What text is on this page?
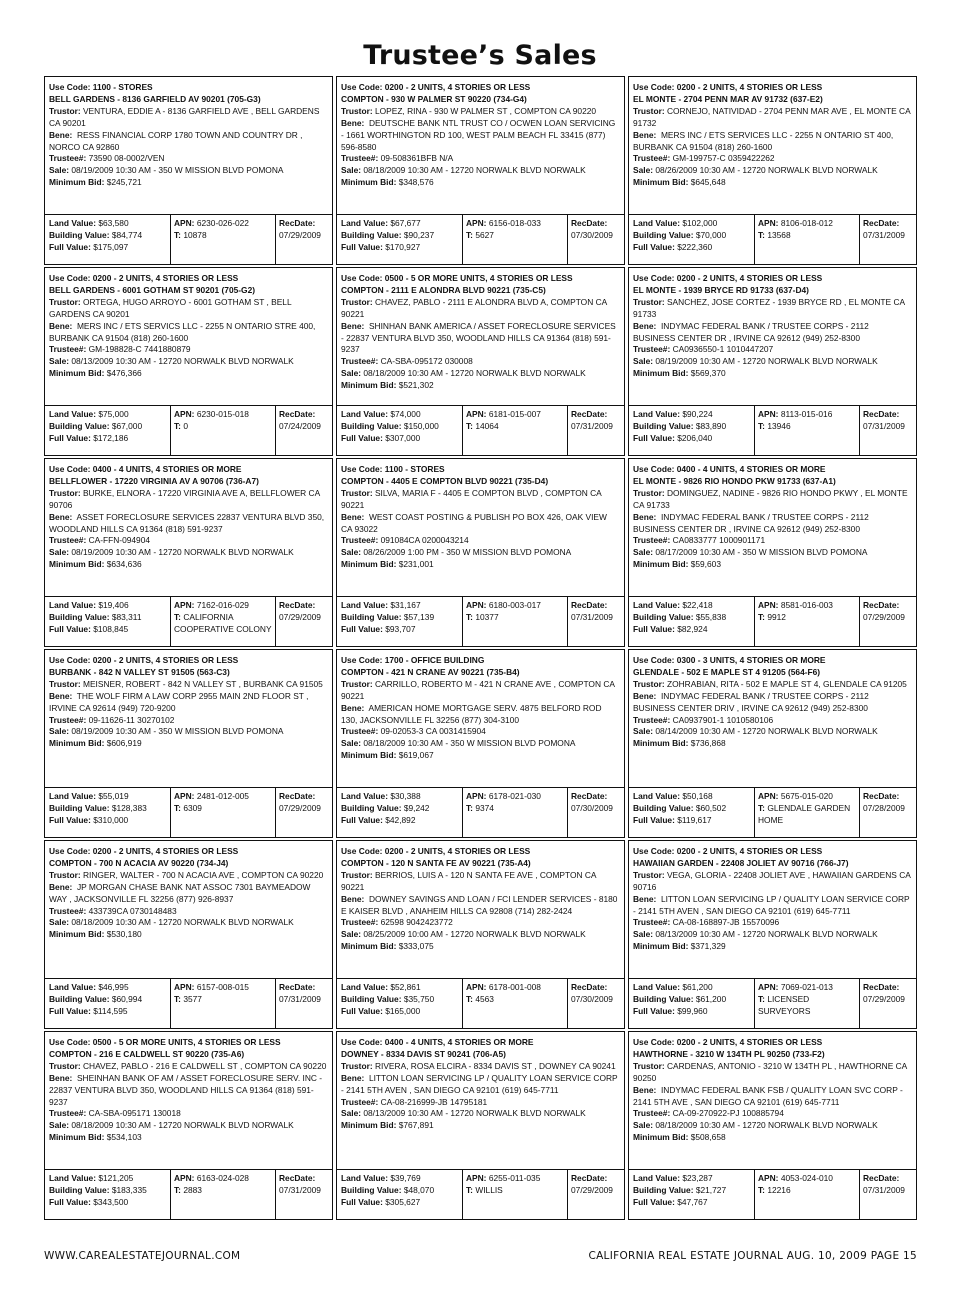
Trustee’s Sales
Use Code: 1100 - STORES
BELL GARDENS - 8136 GARFIELD AV 90201 (705-G3)
Trustor: VENTURA, EDDIE A - 8136 GARFIELD AVE , BELL GARDENS CA 90201
Bene: RESS FINANCIAL CORP 1780 TOWN AND COUNTRY DR , NORCO CA 92860
Trustee#: 73590 08-0002/VEN
Sale: 08/19/2009 10:30 AM - 350 W MISSION BLVD POMONA
Minimum Bid: $245,721
Land Value: $63,580
Building Value: $84,774
Full Value: $175,097
APN: 6230-026-022
T: 10878
RecDate:
07/29/2009
Use Code: 0200 - 2 UNITS, 4 STORIES OR LESS
COMPTON - 930 W PALMER ST 90220 (734-G4)
Trustor: LOPEZ, RINA - 930 W PALMER ST , COMPTON CA 90220
Bene: DEUTSCHE BANK NTL TRUST CO / OCWEN LOAN SERVICING - 1661 WORTHINGTON RD 100, WEST PALM BEACH FL 33415 (877) 596-8580
Trustee#: 09-508361BFB N/A
Sale: 08/18/2009 10:30 AM - 12720 NORWALK BLVD NORWALK
Minimum Bid: $348,576
Land Value: $67,677
Building Value: $90,237
Full Value: $170,927
APN: 6156-018-033
T: 5627
RecDate:
07/30/2009
Use Code: 0200 - 2 UNITS, 4 STORIES OR LESS
EL MONTE - 2704 PENN MAR AV 91732 (637-E2)
Trustor: CORNEJO, NATIVIDAD - 2704 PENN MAR AVE , EL MONTE CA 91732
Bene: MERS INC / ETS SERVICES LLC - 2255 N ONTARIO ST 400, BURBANK CA 91504 (818) 260-1600
Trustee#: GM-199757-C 0359422262
Sale: 08/26/2009 10:30 AM - 12720 NORWALK BLVD NORWALK
Minimum Bid: $645,648
Land Value: $102,000
Building Value: $70,000
Full Value: $222,360
APN: 8106-018-012
T: 13568
RecDate:
07/31/2009
Use Code: 0200 - 2 UNITS, 4 STORIES OR LESS
BELL GARDENS - 6001 GOTHAM ST 90201 (705-G2)
Trustor: ORTEGA, HUGO ARROYO - 6001 GOTHAM ST , BELL GARDENS CA 90201
Bene: MERS INC / ETS SERVICS LLC - 2255 N ONTARIO STRE 400, BURBANK CA 91504 (818) 260-1600
Trustee#: GM-198828-C 7441880879
Sale: 08/13/2009 10:30 AM - 12720 NORWALK BLVD NORWALK
Minimum Bid: $476,366
Land Value: $75,000
Building Value: $67,000
Full Value: $172,186
APN: 6230-015-018
T: 0
RecDate:
07/24/2009
Use Code: 0500 - 5 OR MORE UNITS, 4 STORIES OR LESS
COMPTON - 2111 E ALONDRA BLVD 90221 (735-C5)
Trustor: CHAVEZ, PABLO - 2111 E ALONDRA BLVD A, COMPTON CA 90221
Bene: SHINHAN BANK AMERICA / ASSET FORECLOSURE SERVICES - 22837 VENTURA BLVD 350, WOODLAND HILLS CA 91364 (818) 591-9237
Trustee#: CA-SBA-095172 030008
Sale: 08/18/2009 10:30 AM - 12720 NORWALK BLVD NORWALK
Minimum Bid: $521,302
Land Value: $74,000
Building Value: $150,000
Full Value: $307,000
APN: 6181-015-007
T: 14064
RecDate:
07/31/2009
Use Code: 0200 - 2 UNITS, 4 STORIES OR LESS
EL MONTE - 1939 BRYCE RD 91733 (637-D4)
Trustor: SANCHEZ, JOSE CORTEZ - 1939 BRYCE RD , EL MONTE CA 91733
Bene: INDYMAC FEDERAL BANK / TRUSTEE CORPS - 2112 BUSINESS CENTER DR , IRVINE CA 92612 (949) 252-8300
Trustee#: CA0936550-1 1010447207
Sale: 08/19/2009 10:30 AM - 12720 NORWALK BLVD NORWALK
Minimum Bid: $569,370
Land Value: $90,224
Building Value: $83,890
Full Value: $206,040
APN: 8113-015-016
T: 13946
RecDate:
07/31/2009
Use Code: 0400 - 4 UNITS, 4 STORIES OR MORE
BELLFLOWER - 17220 VIRGINIA AV A 90706 (736-A7)
Trustor: BURKE, ELNORA - 17220 VIRGINIA AVE A, BELLFLOWER CA 90706
Bene: ASSET FORECLOSURE SERVICES 22837 VENTURA BLVD 350, WOODLAND HILLS CA 91364 (818) 591-9237
Trustee#: CA-FFN-094904
Sale: 08/19/2009 10:30 AM - 12720 NORWALK BLVD NORWALK
Minimum Bid: $634,636
Land Value: $19,406
Building Value: $83,311
Full Value: $108,845
APN: 7162-016-029
T: CALIFORNIA COOPERATIVE COLONY
RecDate:
07/29/2009
Use Code: 1100 - STORES
COMPTON - 4405 E COMPTON BLVD 90221 (735-D4)
Trustor: SILVA, MARIA F - 4405 E COMPTON BLVD , COMPTON CA 90221
Bene: WEST COAST POSTING & PUBLISH PO BOX 426, OAK VIEW CA 93022
Trustee#: 091084CA 0200043214
Sale: 08/26/2009 1:00 PM - 350 W MISSION BLVD POMONA
Minimum Bid: $231,001
Land Value: $31,167
Building Value: $57,139
Full Value: $93,707
APN: 6180-003-017
T: 10377
RecDate:
07/31/2009
Use Code: 0400 - 4 UNITS, 4 STORIES OR MORE
EL MONTE - 9826 RIO HONDO PKW 91733 (637-A1)
Trustor: DOMINGUEZ, NADINE - 9826 RIO HONDO PKWY , EL MONTE CA 91733
Bene: INDYMAC FEDERAL BANK / TRUSTEE CORPS - 2112 BUSINESS CENTER DR , IRVINE CA 92612 (949) 252-8300
Trustee#: CA0833777 1000901171
Sale: 08/17/2009 10:30 AM - 350 W MISSION BLVD POMONA
Minimum Bid: $59,603
Land Value: $22,418
Building Value: $55,838
Full Value: $82,924
APN: 8581-016-003
T: 9912
RecDate:
07/29/2009
Use Code: 0200 - 2 UNITS, 4 STORIES OR LESS
BURBANK - 842 N VALLEY ST 91505 (563-C3)
Trustor: MEISNER, ROBERT - 842 N VALLEY ST , BURBANK CA 91505
Bene: THE WOLF FIRM A LAW CORP 2955 MAIN 2ND FLOOR ST , IRVINE CA 92614 (949) 720-9200
Trustee#: 09-11626-11 30270102
Sale: 08/19/2009 10:30 AM - 350 W MISSION BLVD POMONA
Minimum Bid: $606,919
Land Value: $55,019
Building Value: $128,383
Full Value: $310,000
APN: 2481-012-005
T: 6309
RecDate:
07/29/2009
Use Code: 1700 - OFFICE BUILDING
COMPTON - 421 N CRANE AV 90221 (735-B4)
Trustor: CARRILLO, ROBERTO M - 421 N CRANE AVE , COMPTON CA 90221
Bene: AMERICAN HOME MORTGAGE SERV. 4875 BELFORD ROD 130, JACKSONVILLE FL 32256 (877) 304-3100
Trustee#: 09-02053-3 CA 0031415904
Sale: 08/18/2009 10:30 AM - 350 W MISSION BLVD POMONA
Minimum Bid: $619,067
Land Value: $30,388
Building Value: $9,242
Full Value: $42,892
APN: 6178-021-030
T: 9374
RecDate:
07/30/2009
Use Code: 0300 - 3 UNITS, 4 STORIES OR MORE
GLENDALE - 502 E MAPLE ST 4 91205 (564-F6)
Trustor: ZOHRABIAN, RITA - 502 E MAPLE ST 4, GLENDALE CA 91205
Bene: INDYMAC FEDERAL BANK / TRUSTEE CORPS - 2112 BUSINESS CENTER DRIV , IRVINE CA 92612 (949) 252-8300
Trustee#: CA0937901-1 1010580106
Sale: 08/14/2009 10:30 AM - 12720 NORWALK BLVD NORWALK
Minimum Bid: $736,868
Land Value: $50,168
Building Value: $60,502
Full Value: $119,617
APN: 5675-015-020
T: GLENDALE GARDEN HOME
RecDate:
07/28/2009
Use Code: 0200 - 2 UNITS, 4 STORIES OR LESS
COMPTON - 700 N ACACIA AV 90220 (734-J4)
Trustor: RINGER, WALTER - 700 N ACACIA AVE , COMPTON CA 90220
Bene: JP MORGAN CHASE BANK NAT ASSOC 7301 BAYMEADOW WAY , JACKSONVILLE FL 32256 (877) 926-8937
Trustee#: 433739CA 0730148483
Sale: 08/18/2009 10:30 AM - 12720 NORWALK BLVD NORWALK
Minimum Bid: $530,180
Land Value: $46,995
Building Value: $60,994
Full Value: $114,595
APN: 6157-008-015
T: 3577
RecDate:
07/31/2009
Use Code: 0200 - 2 UNITS, 4 STORIES OR LESS
COMPTON - 120 N SANTA FE AV 90221 (735-A4)
Trustor: BERRIOS, LUIS A - 120 N SANTA FE AVE , COMPTON CA 90221
Bene: DOWNEY SAVINGS AND LOAN / FCI LENDER SERVICES - 8180 E KAISER BLVD , ANAHEIM HILLS CA 92808 (714) 282-2424
Trustee#: 62598 9042423772
Sale: 08/25/2009 10:00 AM - 12720 NORWALK BLVD NORWALK
Minimum Bid: $333,075
Land Value: $52,861
Building Value: $35,750
Full Value: $165,000
APN: 6178-001-008
T: 4563
RecDate:
07/30/2009
Use Code: 0200 - 2 UNITS, 4 STORIES OR LESS
HAWAIIAN GARDEN - 22408 JOLIET AV 90716 (766-J7)
Trustor: VEGA, GLORIA - 22408 JOLIET AVE , HAWAIIAN GARDENS CA 90716
Bene: LITTON LOAN SERVICING LP / QUALITY LOAN SERVICE CORP - 2141 5TH AVEN , SAN DIEGO CA 92101 (619) 645-7711
Trustee#: CA-08-168897-JB 15570096
Sale: 08/13/2009 10:30 AM - 12720 NORWALK BLVD NORWALK
Minimum Bid: $371,329
Land Value: $61,200
Building Value: $61,200
Full Value: $99,960
APN: 7069-021-013
T: LICENSED SURVEYORS
RecDate:
07/29/2009
Use Code: 0500 - 5 OR MORE UNITS, 4 STORIES OR LESS
COMPTON - 216 E CALDWELL ST 90220 (735-A6)
Trustor: CHAVEZ, PABLO - 216 E CALDWELL ST , COMPTON CA 90220
Bene: SHEINHAN BANK OF AM / ASSET FORECLOSURE SERV. INC - 22837 VENTURA BLVD 350, WOODLAND HILLS CA 91364 (818) 591-9237
Trustee#: CA-SBA-095171 130018
Sale: 08/18/2009 10:30 AM - 12720 NORWALK BLVD NORWALK
Minimum Bid: $534,103
Land Value: $121,205
Building Value: $183,335
Full Value: $343,500
APN: 6163-024-028
T: 2883
RecDate:
07/31/2009
Use Code: 0400 - 4 UNITS, 4 STORIES OR MORE
DOWNEY - 8334 DAVIS ST 90241 (706-A5)
Trustor: RIVERA, ROSA ELCIRA - 8334 DAVIS ST , DOWNEY CA 90241
Bene: LITTON LOAN SERVICING LP / QUALITY LOAN SERVICE CORP - 2141 5TH AVEN , SAN DIEGO CA 92101 (619) 645-7711
Trustee#: CA-08-216999-JB 14795181
Sale: 08/13/2009 10:30 AM - 12720 NORWALK BLVD NORWALK
Minimum Bid: $767,891
Land Value: $39,769
Building Value: $48,070
Full Value: $305,627
APN: 6255-011-035
T: WILLIS
RecDate:
07/29/2009
Use Code: 0200 - 2 UNITS, 4 STORIES OR LESS
HAWTHORNE - 3210 W 134TH PL 90250 (733-F2)
Trustor: CARDENAS, ANTONIO - 3210 W 134TH PL , HAWTHORNE CA 90250
Bene: INDYMAC FEDERAL BANK FSB / QUALITY LOAN SVC CORP - 2141 5TH AVE , SAN DIEGO CA 92101 (619) 645-7711
Trustee#: CA-09-270922-PJ 100885794
Sale: 08/18/2009 10:30 AM - 12720 NORWALK BLVD NORWALK
Minimum Bid: $508,658
Land Value: $23,287
Building Value: $21,727
Full Value: $47,767
APN: 4053-024-010
T: 12216
RecDate:
07/31/2009
WWW.CAREALESTATEJOURNAL.COM	CALIFORNIA REAL ESTATE JOURNAL AUG. 10, 2009 PAGE 15
